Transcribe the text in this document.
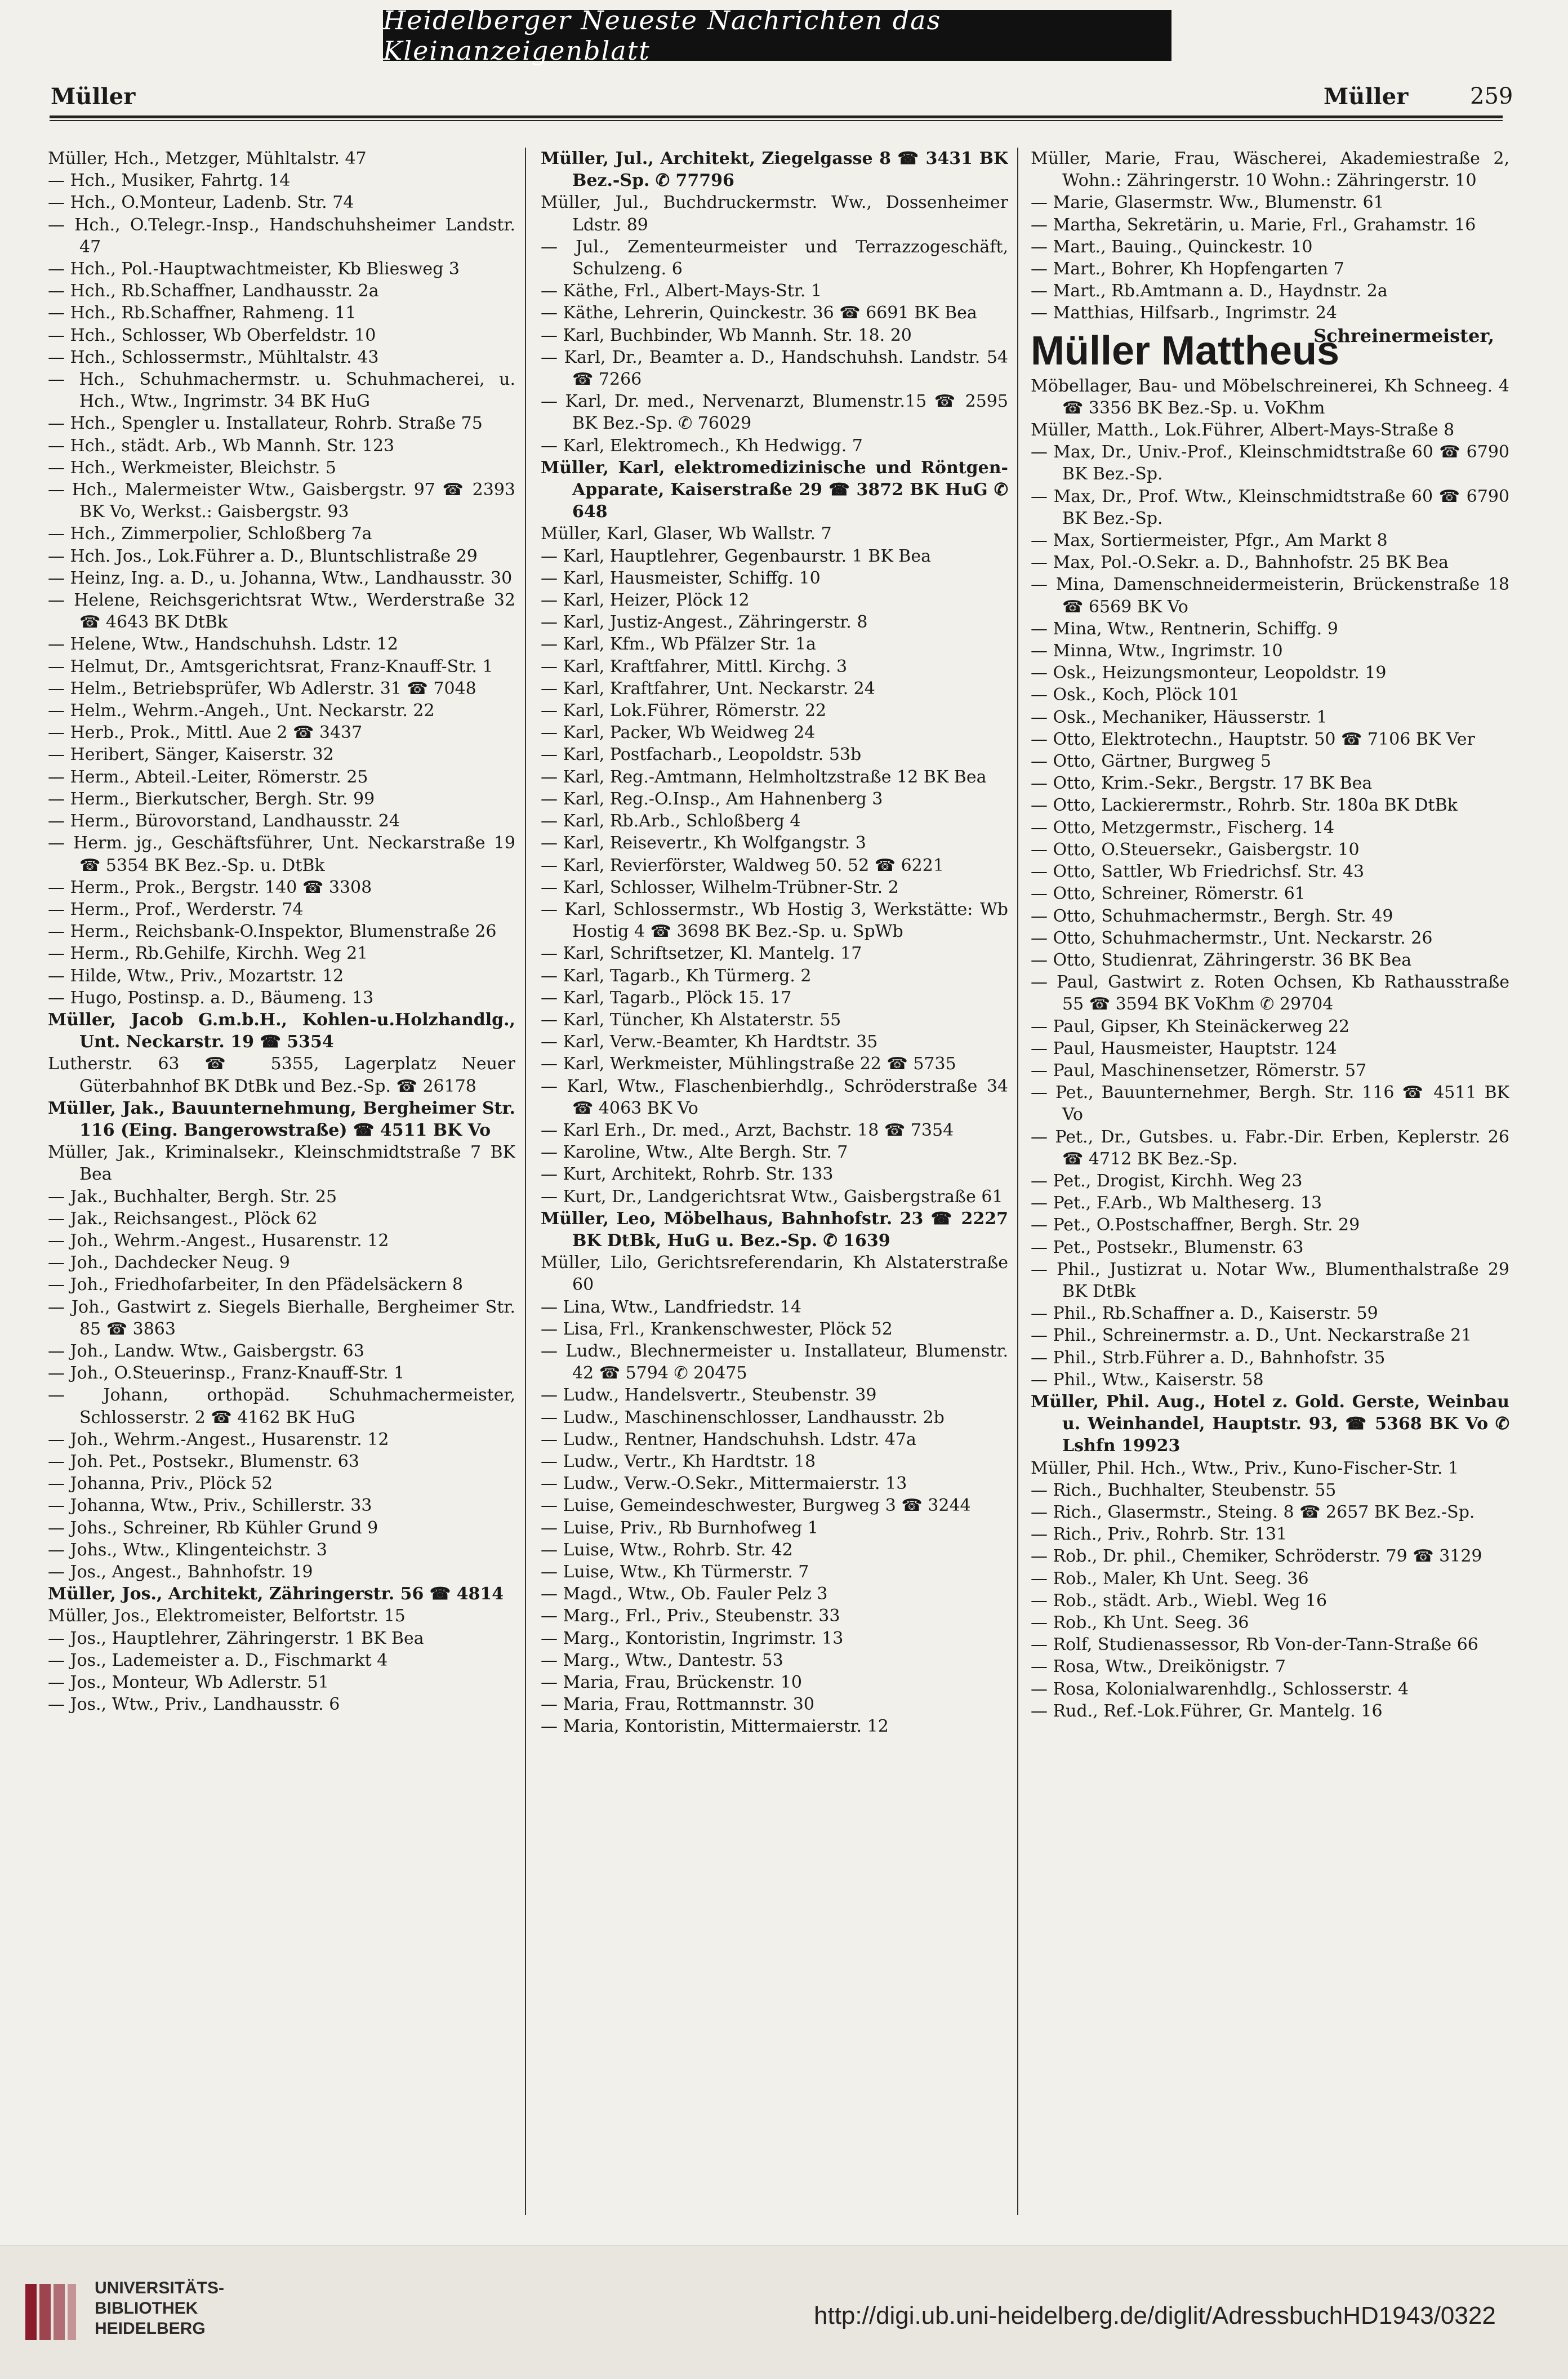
Heidelberger Neueste Nachrichten das Kleinanzeigenblatt
Müller	Müller	259
Müller, Hch., Metzger, Mühltalstr. 47
— Hch., Musiker, Fahrtg. 14
— Hch., O.Monteur, Ladenb. Str. 74
— Hch., O.Telegr.-Insp., Handschuhsheimer Landstr. 47
— Hch., Pol.-Hauptwachtmeister, Kb Bliesweg 3
— Hch., Rb.Schaffner, Landhausstr. 2a
— Hch., Rb.Schaffner, Rahmeng. 11
— Hch., Schlosser, Wb Oberfeldstr. 10
— Hch., Schlossermstr., Mühltalstr. 43
— Hch., Schuhmachermstr. u. Schuhmacherei, u. Hch., Wtw., Ingrimstr. 34 BK HuG
— Hch., Spengler u. Installateur, Rohrb. Straße 75
— Hch., städt. Arb., Wb Mannh. Str. 123
— Hch., Werkmeister, Bleichstr. 5
— Hch., Malermeister Wtw., Gaisbergstr. 97 ☎ 2393 BK Vo, Werkst.: Gaisbergstr. 93
— Hch., Zimmerpolier, Schloßberg 7a
— Hch. Jos., Lok.Führer a. D., Bluntschlistraße 29
— Heinz, Ing. a. D., u. Johanna, Wtw., Landhausstr. 30
— Helene, Reichsgerichtsrat Wtw., Werderstraße 32 ☎ 4643 BK DtBk
— Helene, Wtw., Handschuhsh. Ldstr. 12
— Helmut, Dr., Amtsgerichtsrat, Franz-Knauff-Str. 1
— Helm., Betriebsprüfer, Wb Adlerstr. 31 ☎ 7048
— Helm., Wehrm.-Angeh., Unt. Neckarstr. 22
— Herb., Prok., Mittl. Aue 2 ☎ 3437
— Heribert, Sänger, Kaiserstr. 32
— Herm., Abteil.-Leiter, Römerstr. 25
— Herm., Bierkutscher, Bergh. Str. 99
— Herm., Bürovorstand, Landhausstr. 24
— Herm. jg., Geschäftsführer, Unt. Neckarstraße 19 ☎ 5354 BK Bez.-Sp. u. DtBk
— Herm., Prok., Bergstr. 140 ☎ 3308
— Herm., Prof., Werderstr. 74
— Herm., Reichsbank-O.Inspektor, Blumenstraße 26
— Herm., Rb.Gehilfe, Kirchh. Weg 21
— Hilde, Wtw., Priv., Mozartstr. 12
— Hugo, Postinsp. a. D., Bäumeng. 13
Müller, Jacob G.m.b.H., Kohlen-u.Holzhandlg., Unt. Neckarstr. 19 ☎ 5354
Lutherstr. 63 ☎ 5355, Lagerplatz Neuer Güterbahnhof BK DtBk und Bez.-Sp. ☎ 26178
Müller, Jak., Bauunternehmung, Bergheimer Str. 116 (Eing. Bangerowstraße) ☎ 4511 BK Vo
Müller, Jak., Kriminalsekr., Kleinschmidtstraße 7 BK Bea
— Jak., Buchhalter, Bergh. Str. 25
— Jak., Reichsangest., Plöck 62
— Joh., Wehrm.-Angest., Husarenstr. 12
— Joh., Dachdecker Neug. 9
— Joh., Friedhofarbeiter, In den Pfädelsäckern 8
— Joh., Gastwirt z. Siegels Bierhalle, Bergheimer Str. 85 ☎ 3863
— Joh., Landw. Wtw., Gaisbergstr. 63
— Joh., O.Steuerinsp., Franz-Knauff-Str. 1
— Johann, orthopäd. Schuhmachermeister, Schlosserstr. 2 ☎ 4162 BK HuG
— Joh., Wehrm.-Angest., Husarenstr. 12
— Joh. Pet., Postsekr., Blumenstr. 63
— Johanna, Priv., Plöck 52
— Johanna, Wtw., Priv., Schillerstr. 33
— Johs., Schreiner, Rb Kühler Grund 9
— Johs., Wtw., Klingenteichstr. 3
— Jos., Angest., Bahnhofstr. 19
Müller, Jos., Architekt, Zähringerstr. 56 ☎ 4814
Müller, Jos., Elektromeister, Belfortstr. 15
— Jos., Hauptlehrer, Zähringerstr. 1 BK Bea
— Jos., Lademeister a. D., Fischmarkt 4
— Jos., Monteur, Wb Adlerstr. 51
— Jos., Wtw., Priv., Landhausstr. 6
Müller, Jul., Architekt, Ziegelgasse 8 ☎ 3431 BK Bez.-Sp. ✆ 77796
Müller, Jul., Buchdruckermstr. Ww., Dossenheimer Ldstr. 89
— Jul., Zementeurmeister und Terrazzogeschäft, Schulzeng. 6
— Käthe, Frl., Albert-Mays-Str. 1
— Käthe, Lehrerin, Quinckestr. 36 ☎ 6691 BK Bea
— Karl, Buchbinder, Wb Mannh. Str. 18. 20
— Karl, Dr., Beamter a. D., Handschuhsh. Landstr. 54 ☎ 7266
— Karl, Dr. med., Nervenarzt, Blumenstr.15 ☎ 2595 BK Bez.-Sp. ✆ 76029
— Karl, Elektromech., Kh Hedwigg. 7
Müller, Karl, elektromedizinische und Röntgen-Apparate, Kaiserstraße 29 ☎ 3872 BK HuG ✆ 648
Müller, Karl, Glaser, Wb Wallstr. 7
— Karl, Hauptlehrer, Gegenbaurstr. 1 BK Bea
— Karl, Hausmeister, Schiffg. 10
— Karl, Heizer, Plöck 12
— Karl, Justiz-Angest., Zähringerstr. 8
— Karl, Kfm., Wb Pfälzer Str. 1a
— Karl, Kraftfahrer, Mittl. Kirchg. 3
— Karl, Kraftfahrer, Unt. Neckarstr. 24
— Karl, Lok.Führer, Römerstr. 22
— Karl, Packer, Wb Weidweg 24
— Karl, Postfacharb., Leopoldstr. 53b
— Karl, Reg.-Amtmann, Helmholtzstraße 12 BK Bea
— Karl, Reg.-O.Insp., Am Hahnenberg 3
— Karl, Rb.Arb., Schloßberg 4
— Karl, Reisevertr., Kh Wolfgangstr. 3
— Karl, Revierförster, Waldweg 50. 52 ☎ 6221
— Karl, Schlosser, Wilhelm-Trübner-Str. 2
— Karl, Schlossermstr., Wb Hostig 3, Werkstätte: Wb Hostig 4 ☎ 3698 BK Bez.-Sp. u. SpWb
— Karl, Schriftsetzer, Kl. Mantelg. 17
— Karl, Tagarb., Kh Türmerg. 2
— Karl, Tagarb., Plöck 15. 17
— Karl, Tüncher, Kh Alstaterstr. 55
— Karl, Verw.-Beamter, Kh Hardtstr. 35
— Karl, Werkmeister, Mühlingstraße 22 ☎ 5735
— Karl, Wtw., Flaschenbierhdlg., Schröderstraße 34 ☎ 4063 BK Vo
— Karl Erh., Dr. med., Arzt, Bachstr. 18 ☎ 7354
— Karoline, Wtw., Alte Bergh. Str. 7
— Kurt, Architekt, Rohrb. Str. 133
— Kurt, Dr., Landgerichtsrat Wtw., Gaisbergstraße 61
Müller, Leo, Möbelhaus, Bahnhofstr. 23 ☎ 2227 BK DtBk, HuG u. Bez.-Sp. ✆ 1639
Müller, Lilo, Gerichtsreferendarin, Kh Alstaterstraße 60
— Lina, Wtw., Landfriedstr. 14
— Lisa, Frl., Krankenschwester, Plöck 52
— Ludw., Blechnermeister u. Installateur, Blumenstr. 42 ☎ 5794 ✆ 20475
— Ludw., Handelsvertr., Steubenstr. 39
— Ludw., Maschinenschlosser, Landhausstr. 2b
— Ludw., Rentner, Handschuhsh. Ldstr. 47a
— Ludw., Vertr., Kh Hardtstr. 18
— Ludw., Verw.-O.Sekr., Mittermaierstr. 13
— Luise, Gemeindeschwester, Burgweg 3 ☎ 3244
— Luise, Priv., Rb Burnhofweg 1
— Luise, Wtw., Rohrb. Str. 42
— Luise, Wtw., Kh Türmerstr. 7
— Magd., Wtw., Ob. Fauler Pelz 3
— Marg., Frl., Priv., Steubenstr. 33
— Marg., Kontoristin, Ingrimstr. 13
— Marg., Wtw., Dantestr. 53
— Maria, Frau, Brückenstr. 10
— Maria, Frau, Rottmannstr. 30
— Maria, Kontoristin, Mittermaierstr. 12
Müller, Marie, Frau, Wäscherei, Akademiestraße 2, Wohn.: Zähringerstr. 10 Wohn.: Zähringerstr. 10
— Marie, Glasermstr. Ww., Blumenstr. 61
— Martha, Sekretärin, u. Marie, Frl., Grahamstr. 16
— Mart., Bauing., Quinckestr. 10
— Mart., Bohrer, Kh Hopfengarten 7
— Mart., Rb.Amtmann a. D., Haydnstr. 2a
— Matthias, Hilfsarb., Ingrimstr. 24
Müller MattheusSchreinermeister,
Möbellager, Bau- und Möbelschreinerei, Kh Schneeg. 4 ☎ 3356 BK Bez.-Sp. u. VoKhm
Müller, Matth., Lok.Führer, Albert-Mays-Straße 8
— Max, Dr., Univ.-Prof., Kleinschmidtstraße 60 ☎ 6790 BK Bez.-Sp.
— Max, Dr., Prof. Wtw., Kleinschmidtstraße 60 ☎ 6790 BK Bez.-Sp.
— Max, Sortiermeister, Pfgr., Am Markt 8
— Max, Pol.-O.Sekr. a. D., Bahnhofstr. 25 BK Bea
— Mina, Damenschneidermeisterin, Brückenstraße 18 ☎ 6569 BK Vo
— Mina, Wtw., Rentnerin, Schiffg. 9
— Minna, Wtw., Ingrimstr. 10
— Osk., Heizungsmonteur, Leopoldstr. 19
— Osk., Koch, Plöck 101
— Osk., Mechaniker, Häusserstr. 1
— Otto, Elektrotechn., Hauptstr. 50 ☎ 7106 BK Ver
— Otto, Gärtner, Burgweg 5
— Otto, Krim.-Sekr., Bergstr. 17 BK Bea
— Otto, Lackierermstr., Rohrb. Str. 180a BK DtBk
— Otto, Metzgermstr., Fischerg. 14
— Otto, O.Steuersekr., Gaisbergstr. 10
— Otto, Sattler, Wb Friedrichsf. Str. 43
— Otto, Schreiner, Römerstr. 61
— Otto, Schuhmachermstr., Bergh. Str. 49
— Otto, Schuhmachermstr., Unt. Neckarstr. 26
— Otto, Studienrat, Zähringerstr. 36 BK Bea
— Paul, Gastwirt z. Roten Ochsen, Kb Rathausstraße 55 ☎ 3594 BK VoKhm ✆ 29704
— Paul, Gipser, Kh Steinäckerweg 22
— Paul, Hausmeister, Hauptstr. 124
— Paul, Maschinensetzer, Römerstr. 57
— Pet., Bauunternehmer, Bergh. Str. 116 ☎ 4511 BK Vo
— Pet., Dr., Gutsbes. u. Fabr.-Dir. Erben, Keplerstr. 26 ☎ 4712 BK Bez.-Sp.
— Pet., Drogist, Kirchh. Weg 23
— Pet., F.Arb., Wb Maltheserg. 13
— Pet., O.Postschaffner, Bergh. Str. 29
— Pet., Postsekr., Blumenstr. 63
— Phil., Justizrat u. Notar Ww., Blumenthalstraße 29 BK DtBk
— Phil., Rb.Schaffner a. D., Kaiserstr. 59
— Phil., Schreinermstr. a. D., Unt. Neckarstraße 21
— Phil., Strb.Führer a. D., Bahnhofstr. 35
— Phil., Wtw., Kaiserstr. 58
Müller, Phil. Aug., Hotel z. Gold. Gerste, Weinbau u. Weinhandel, Hauptstr. 93, ☎ 5368 BK Vo ✆ Lshfn 19923
Müller, Phil. Hch., Wtw., Priv., Kuno-Fischer-Str. 1
— Rich., Buchhalter, Steubenstr. 55
— Rich., Glasermstr., Steing. 8 ☎ 2657 BK Bez.-Sp.
— Rich., Priv., Rohrb. Str. 131
— Rob., Dr. phil., Chemiker, Schröderstr. 79 ☎ 3129
— Rob., Maler, Kh Unt. Seeg. 36
— Rob., städt. Arb., Wiebl. Weg 16
— Rob., Kh Unt. Seeg. 36
— Rolf, Studienassessor, Rb Von-der-Tann-Straße 66
— Rosa, Wtw., Dreikönigstr. 7
— Rosa, Kolonialwarenhdlg., Schlosserstr. 4
— Rud., Ref.-Lok.Führer, Gr. Mantelg. 16
UNIVERSITÄTS-
BIBLIOTHEK
HEIDELBERG	http://digi.ub.uni-heidelberg.de/diglit/AdressbuchHD1943/0322
